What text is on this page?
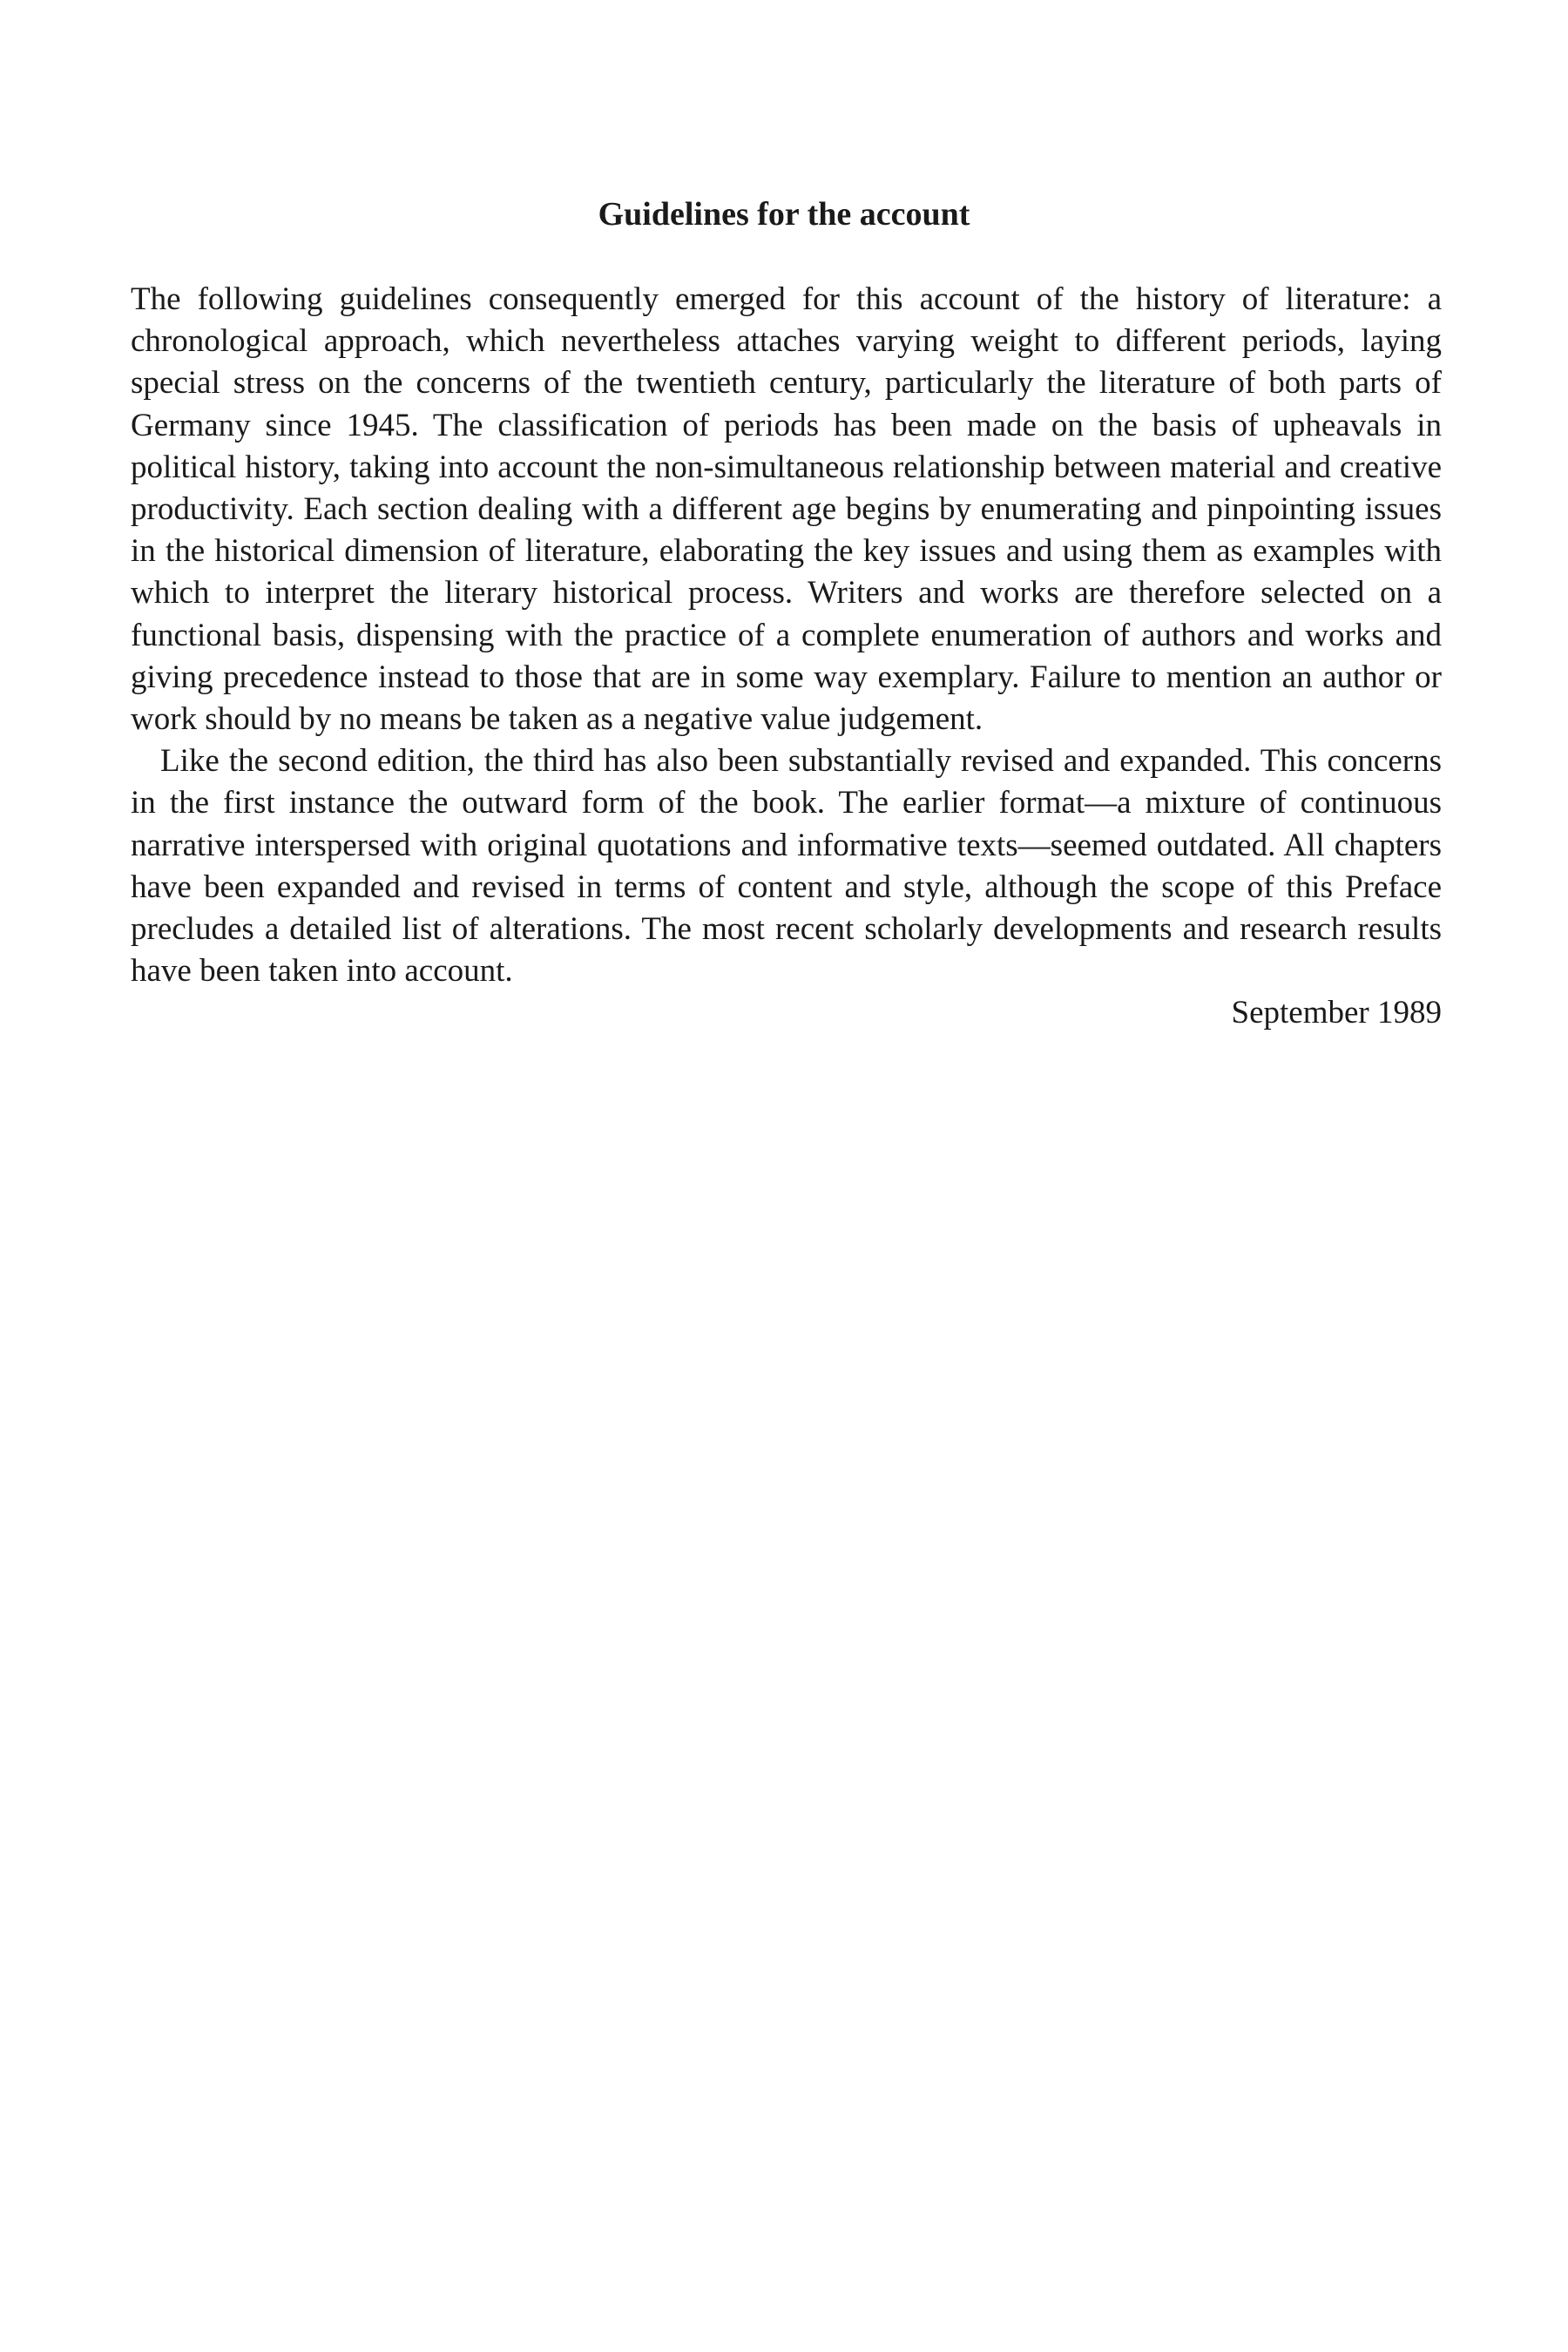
Guidelines for the account

The following guidelines consequently emerged for this account of the history of literature: a chronological approach, which nevertheless attaches varying weight to different periods, laying special stress on the concerns of the twentieth century, particularly the literature of both parts of Germany since 1945. The classification of periods has been made on the basis of upheavals in political history, taking into account the non-simultaneous relationship between material and creative productivity. Each section dealing with a different age begins by enumerating and pinpointing issues in the historical dimension of literature, elaborating the key issues and using them as examples with which to interpret the literary historical process. Writers and works are therefore selected on a functional basis, dispensing with the practice of a complete enumeration of authors and works and giving precedence instead to those that are in some way exemplary. Failure to mention an author or work should by no means be taken as a negative value judgement.

Like the second edition, the third has also been substantially revised and expanded. This concerns in the first instance the outward form of the book. The earlier format—a mixture of continuous narrative interspersed with original quotations and informative texts—seemed outdated. All chapters have been expanded and revised in terms of content and style, although the scope of this Preface precludes a detailed list of alterations. The most recent scholarly developments and research results have been taken into account.

September 1989
